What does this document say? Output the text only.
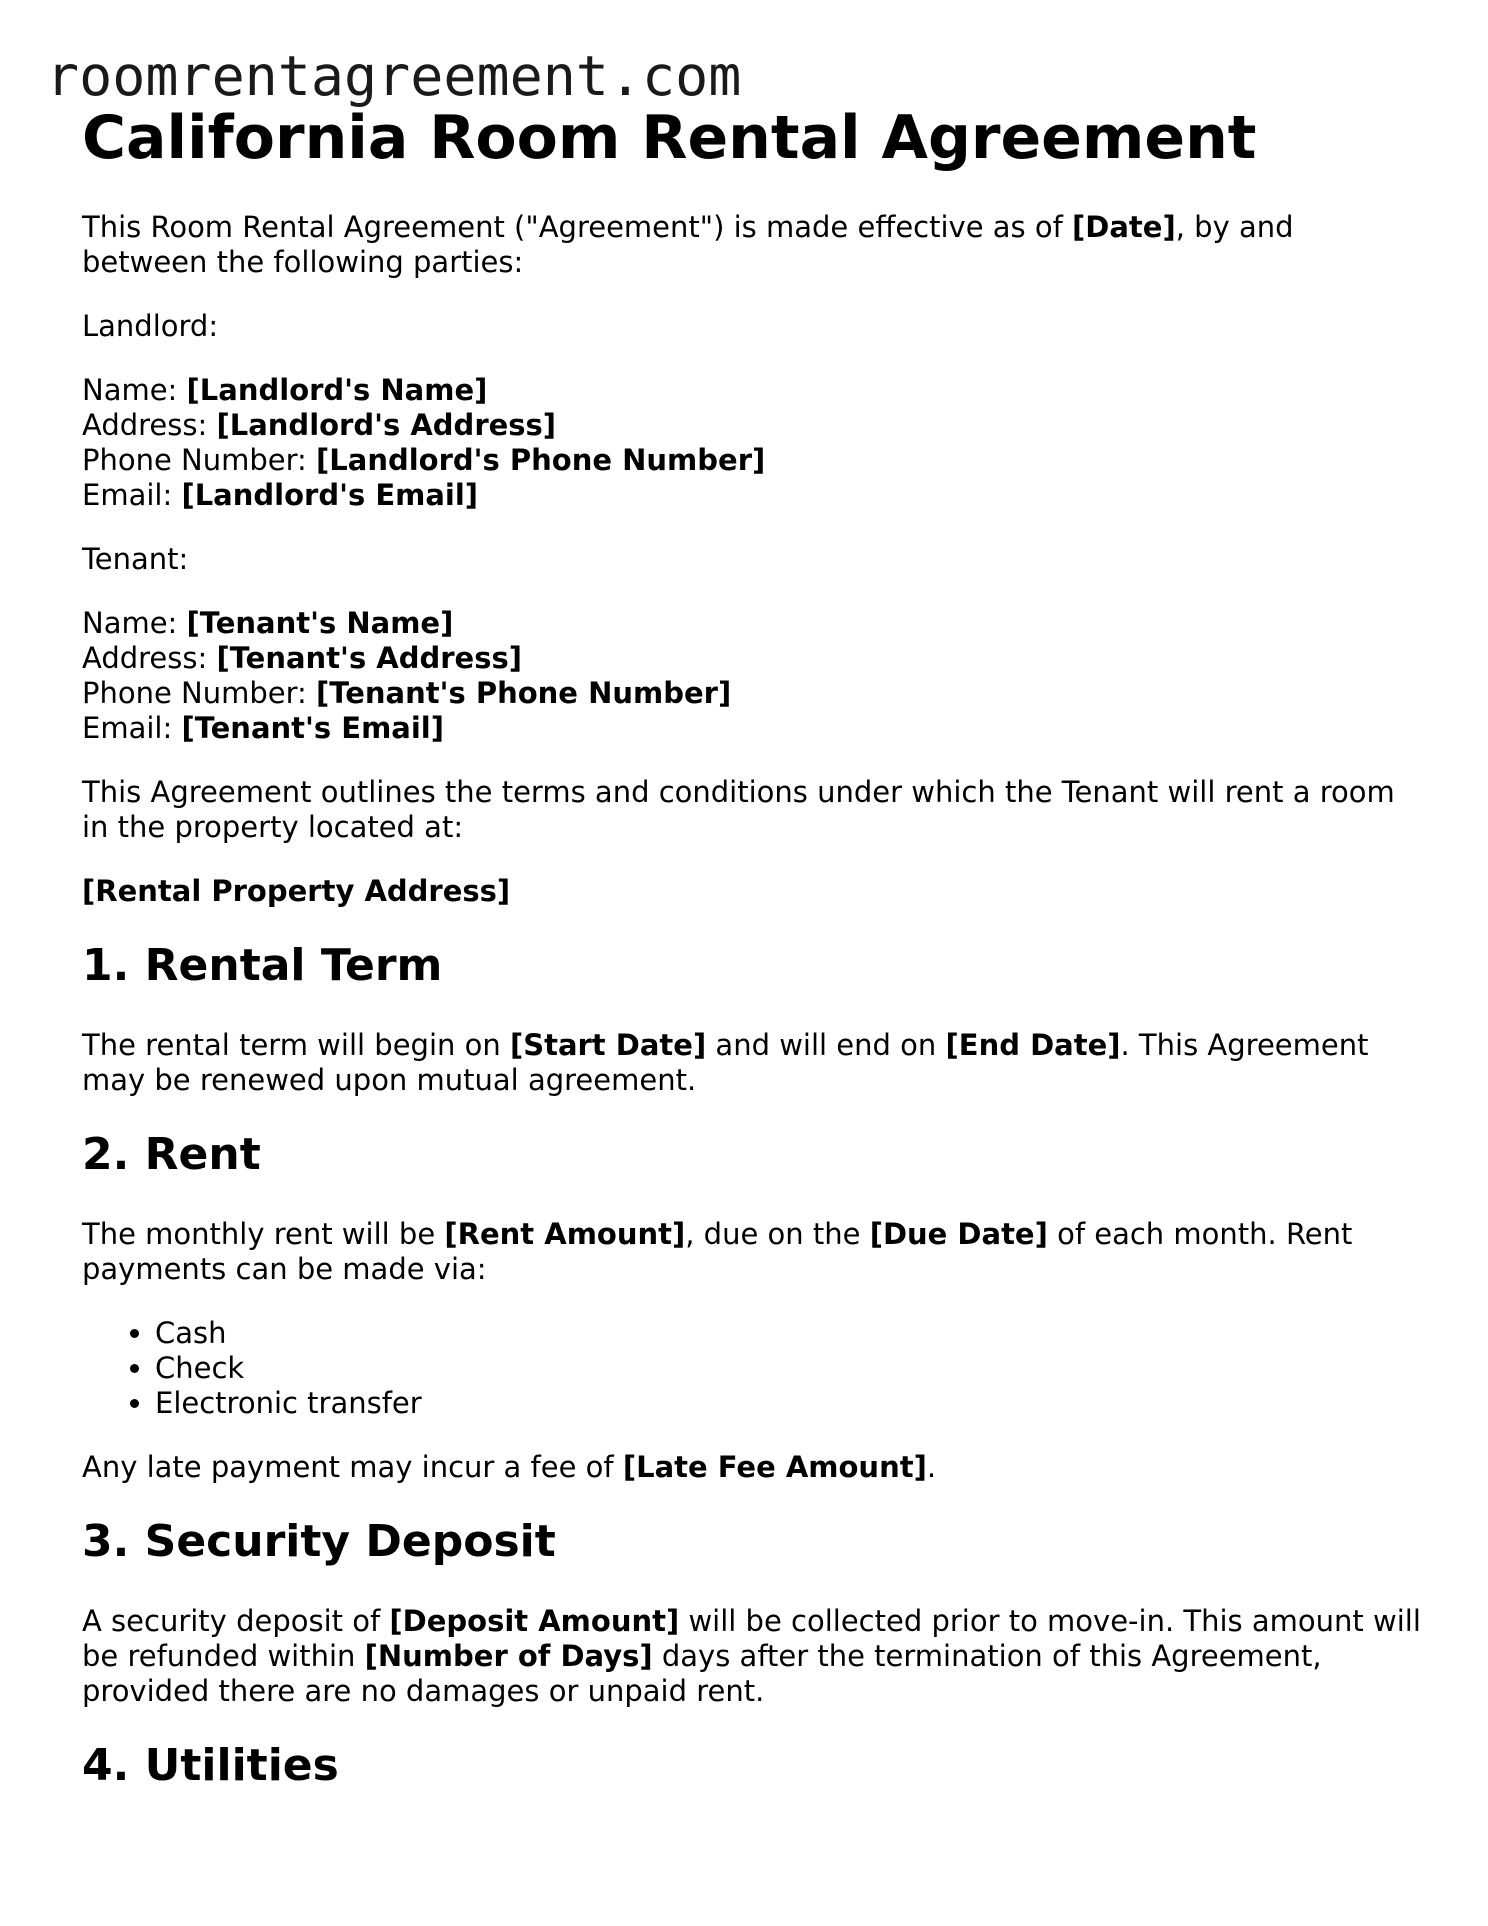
roomrentagreement.com
California Room Rental Agreement

This Room Rental Agreement ("Agreement") is made effective as of [Date], by and between the following parties:

Landlord:

Name: [Landlord's Name]
Address: [Landlord's Address]
Phone Number: [Landlord's Phone Number]
Email: [Landlord's Email]

Tenant:

Name: [Tenant's Name]
Address: [Tenant's Address]
Phone Number: [Tenant's Phone Number]
Email: [Tenant's Email]

This Agreement outlines the terms and conditions under which the Tenant will rent a room in the property located at:

[Rental Property Address]

1. Rental Term

The rental term will begin on [Start Date] and will end on [End Date]. This Agreement may be renewed upon mutual agreement.

2. Rent

The monthly rent will be [Rent Amount], due on the [Due Date] of each month. Rent payments can be made via:

• Cash
• Check
• Electronic transfer

Any late payment may incur a fee of [Late Fee Amount].

3. Security Deposit

A security deposit of [Deposit Amount] will be collected prior to move-in. This amount will be refunded within [Number of Days] days after the termination of this Agreement, provided there are no damages or unpaid rent.

4. Utilities
